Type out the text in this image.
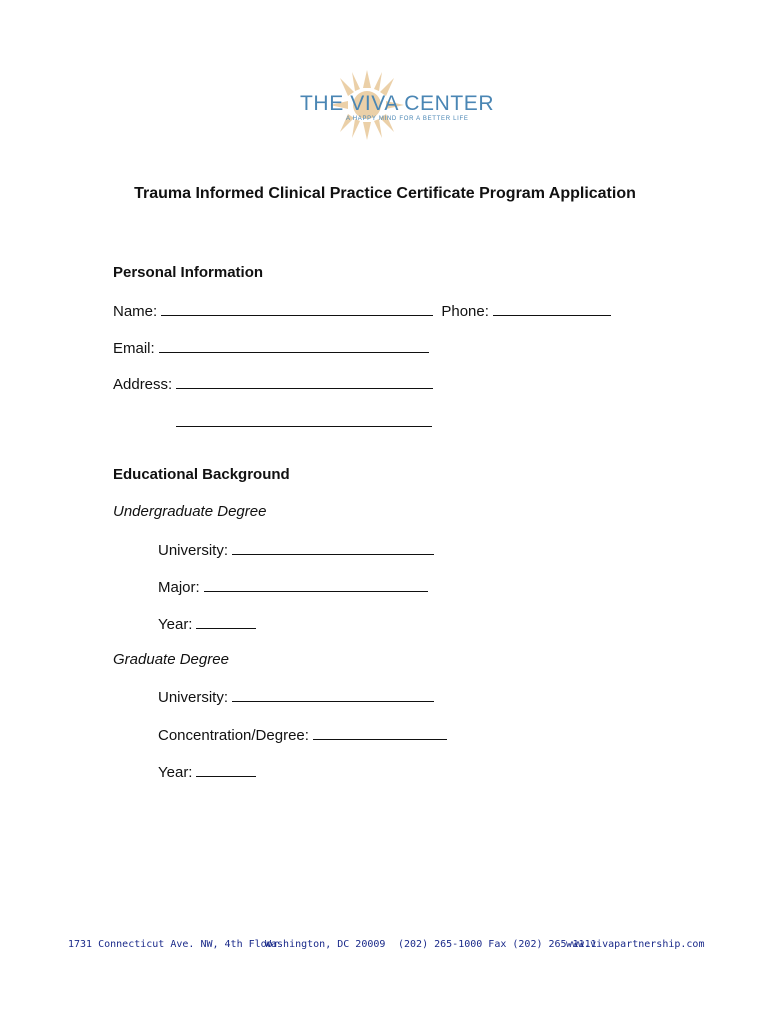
THE VIVA CENTER
A HAPPY MIND FOR A BETTER LIFE
Trauma Informed Clinical Practice Certificate Program Application
Personal Information
Name:	Phone:
Email:
Address:
Educational Background
Undergraduate Degree
University:
Major:
Year:
Graduate Degree
University:
Concentration/Degree:
Year:
1731 Connecticut Ave. NW, 4th Floor
Washington, DC 20009 (202) 265-1000 Fax (202) 265-1111
www.vivapartnership.com
